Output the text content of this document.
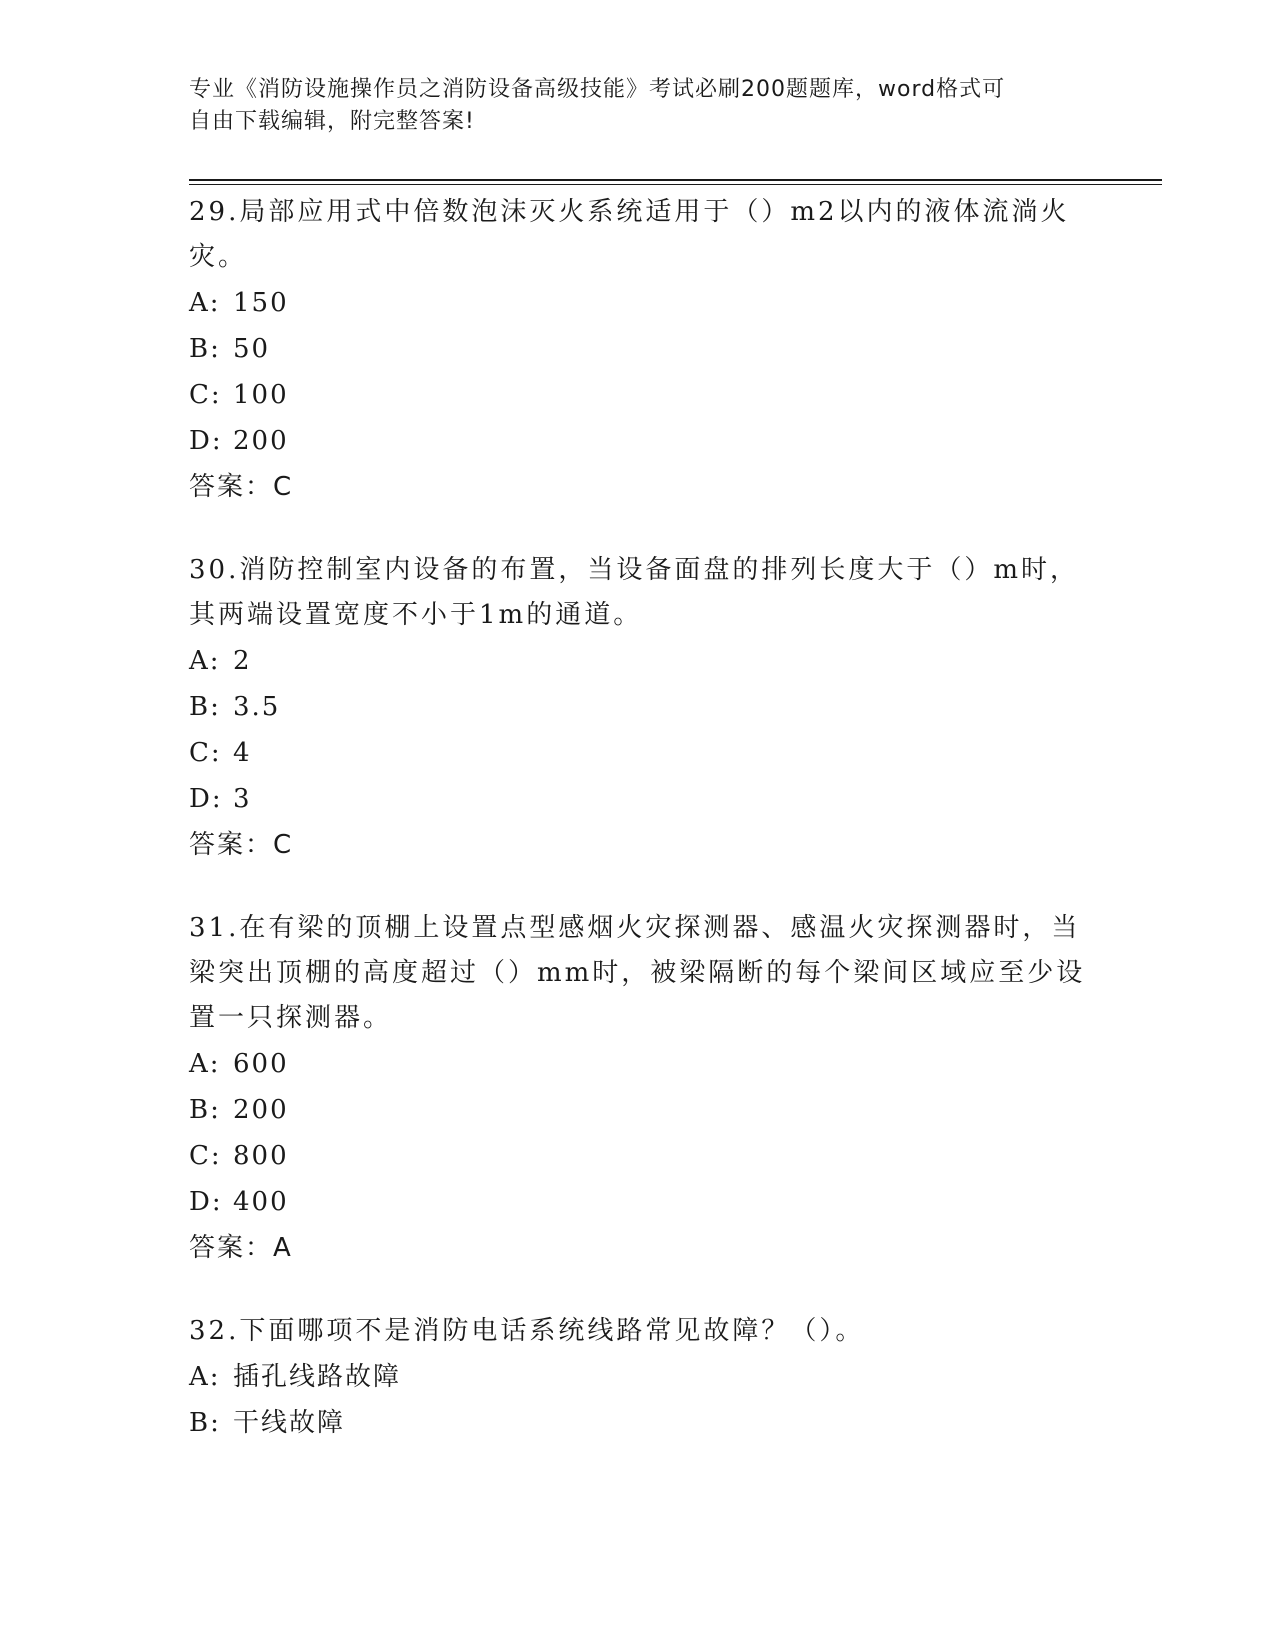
专业《消防设施操作员之消防设备高级技能》考试必刷200题题库，word格式可
自由下载编辑，附完整答案!

29.局部应用式中倍数泡沫灭火系统适用于（）m2以内的液体流淌火灾。

A: 150
B: 50
C: 100
D: 200

答案：C

30.消防控制室内设备的布置，当设备面盘的排列长度大于（）m时，其两端设置宽度不小于1m的通道。

A: 2
B: 3.5
C: 4
D: 3

答案：C

31.在有梁的顶棚上设置点型感烟火灾探测器、感温火灾探测器时，当梁突出顶棚的高度超过（）mm时，被梁隔断的每个梁间区域应至少设置一只探测器。

A: 600
B: 200
C: 800
D: 400

答案：A

32.下面哪项不是消防电话系统线路常见故障？（）。

A: 插孔线路故障
B: 干线故障
